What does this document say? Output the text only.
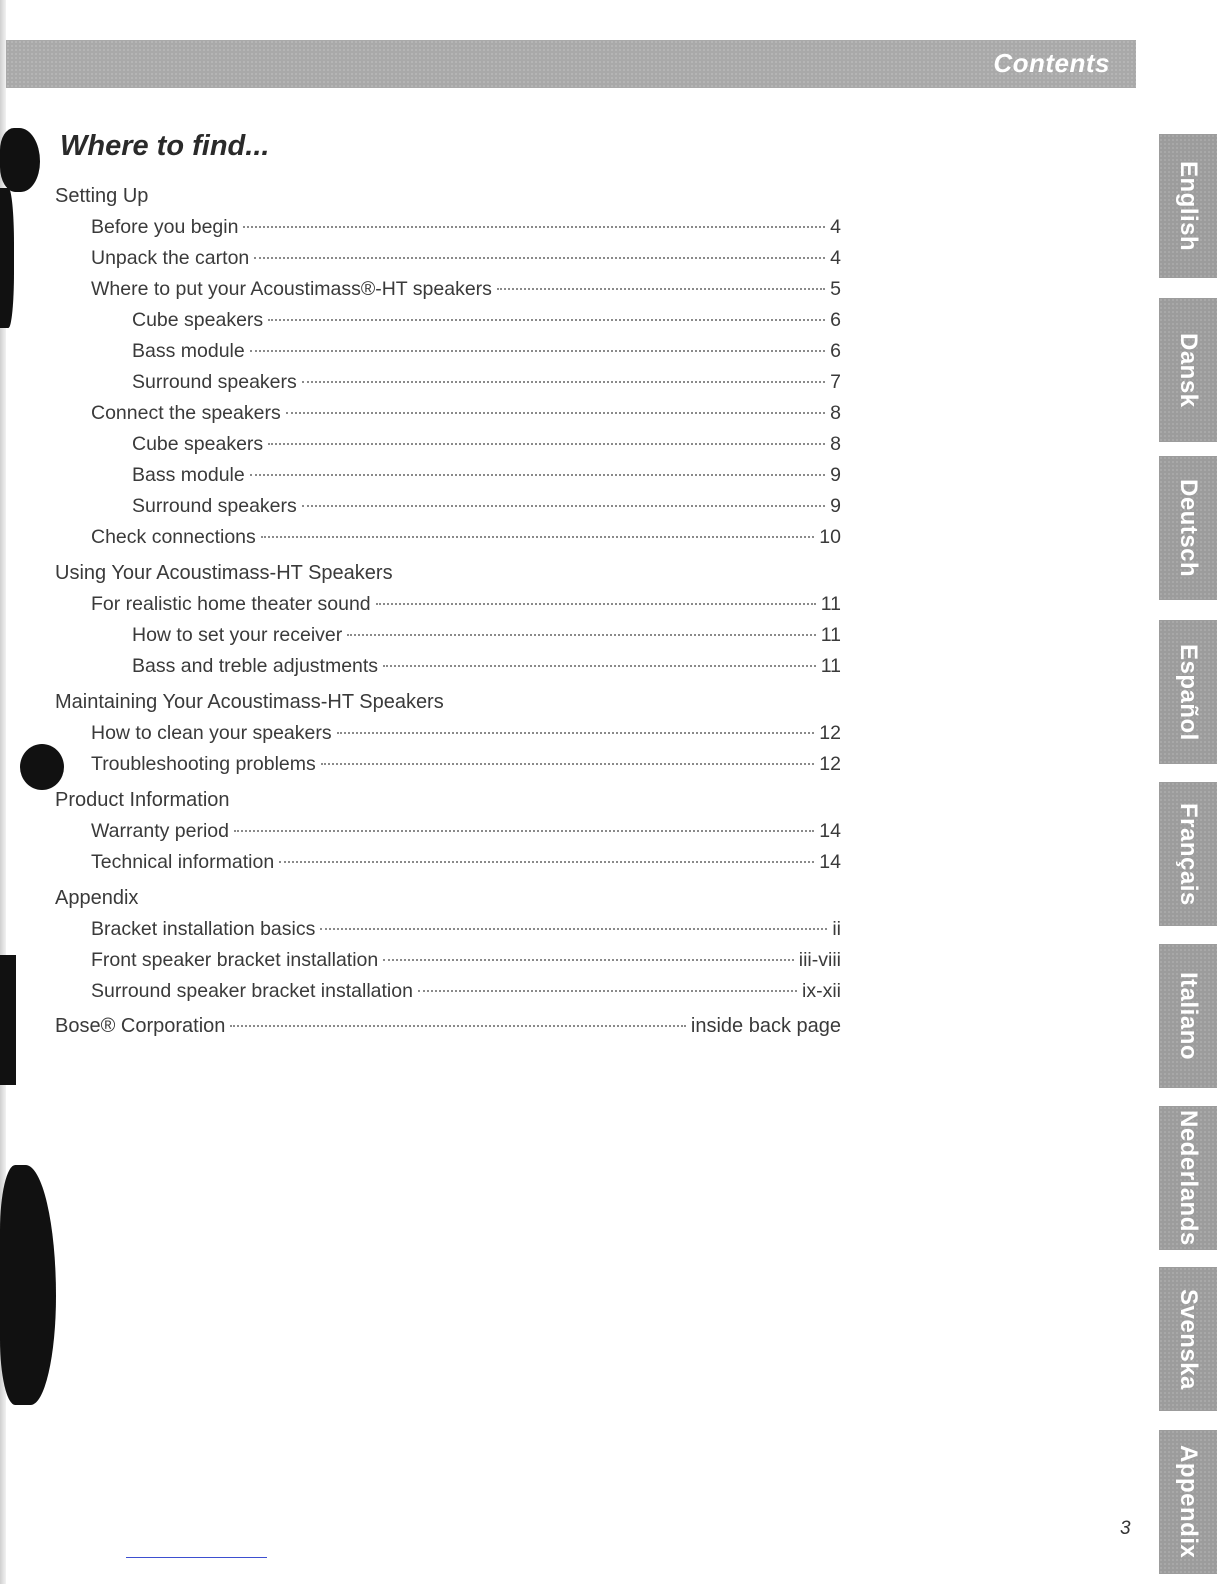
Contents
Where to find...
Setting Up
Before you begin	4
Unpack the carton	4
Where to put your Acoustimass®-HT speakers	5
Cube speakers	6
Bass module	6
Surround speakers	7
Connect the speakers	8
Cube speakers	8
Bass module	9
Surround speakers	9
Check connections	10
Using Your Acoustimass-HT Speakers
For realistic home theater sound	11
How to set your receiver	11
Bass and treble adjustments	11
Maintaining Your Acoustimass-HT Speakers
How to clean your speakers	12
Troubleshooting problems	12
Product Information
Warranty period	14
Technical information	14
Appendix
Bracket installation basics	ii
Front speaker bracket installation	iii-viii
Surround speaker bracket installation	ix-xii
Bose® Corporation	inside back page
English
Dansk
Deutsch
Español
Français
Italiano
Nederlands
Svenska
Appendix
3
